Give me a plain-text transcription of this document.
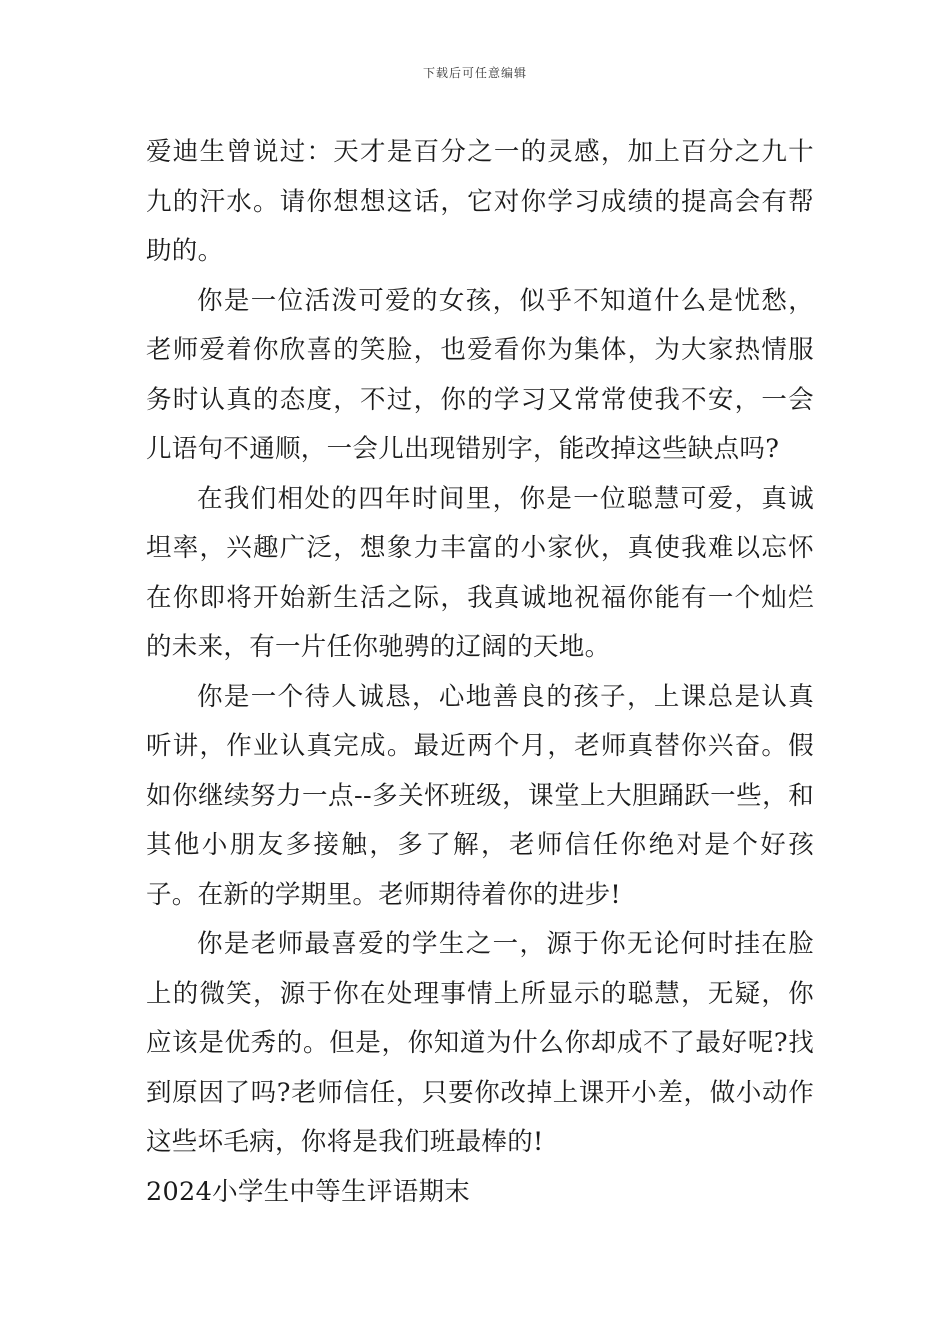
下载后可任意编辑

爱迪生曾说过：天才是百分之一的灵感，加上百分之九十九的汗水。请你想想这话，它对你学习成绩的提高会有帮助的。

你是一位活泼可爱的女孩，似乎不知道什么是忧愁，老师爱着你欣喜的笑脸，也爱看你为集体，为大家热情服务时认真的态度，不过，你的学习又常常使我不安，一会儿语句不通顺，一会儿出现错别字，能改掉这些缺点吗?

在我们相处的四年时间里，你是一位聪慧可爱，真诚坦率，兴趣广泛，想象力丰富的小家伙，真使我难以忘怀在你即将开始新生活之际，我真诚地祝福你能有一个灿烂的未来，有一片任你驰骋的辽阔的天地。

你是一个待人诚恳，心地善良的孩子，上课总是认真听讲，作业认真完成。最近两个月，老师真替你兴奋。假如你继续努力一点--多关怀班级，课堂上大胆踊跃一些，和其他小朋友多接触，多了解，老师信任你绝对是个好孩子。在新的学期里。老师期待着你的进步!

你是老师最喜爱的学生之一，源于你无论何时挂在脸上的微笑，源于你在处理事情上所显示的聪慧，无疑，你应该是优秀的。但是，你知道为什么你却成不了最好呢?找到原因了吗?老师信任，只要你改掉上课开小差，做小动作这些坏毛病，你将是我们班最棒的!

2024小学生中等生评语期末
